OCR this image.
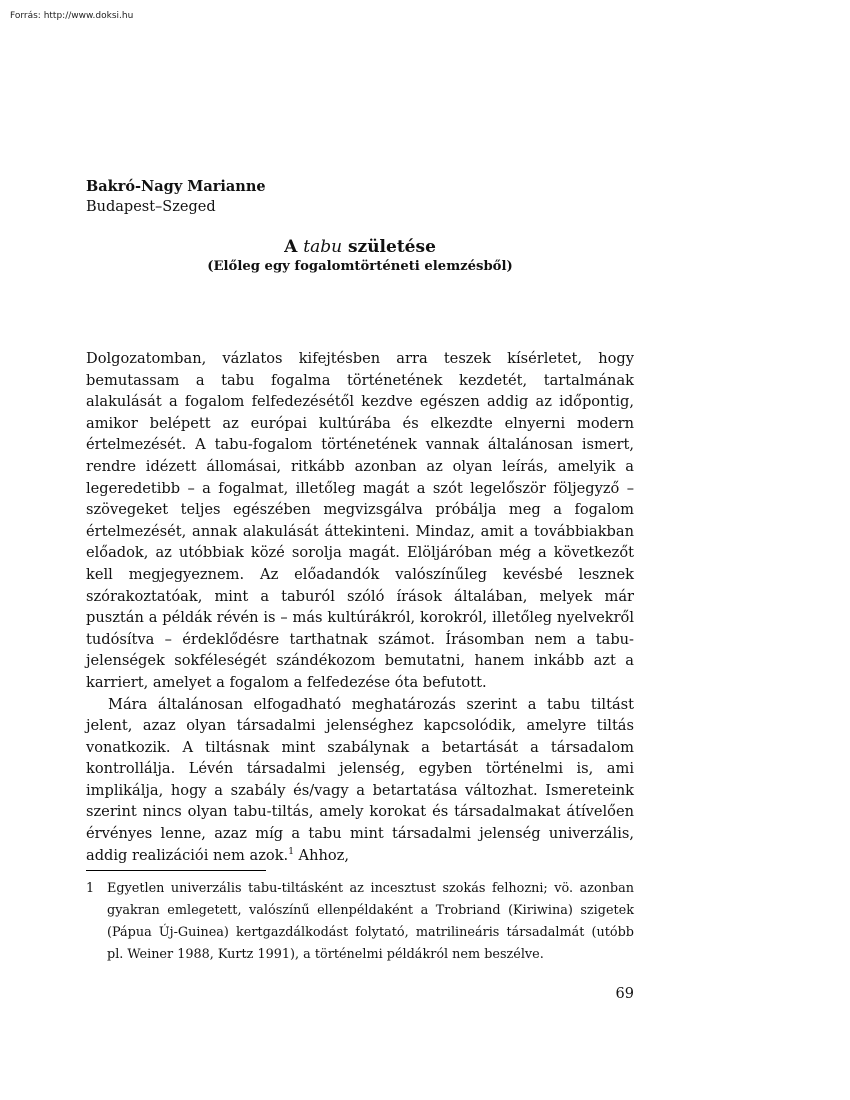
Forrás: http://www.doksi.hu
Bakró-Nagy Marianne
Budapest–Szeged
A tabu születése
(Előleg egy fogalomtörténeti elemzésből)

Dolgozatomban, vázlatos kifejtésben arra teszek kísérletet, hogy bemutassam a tabu fogalma történetének kezdetét, tartalmának alakulását a fogalom felfedezésétől kezdve egészen addig az időpontig, amikor belépett az európai kultúrába és elkezdte elnyerni modern értelmezését. A tabu-fogalom történetének vannak általánosan ismert, rendre idézett állomásai, ritkább azonban az olyan leírás, amelyik a legeredetibb – a fogalmat, illetőleg magát a szót legelőször följegyző – szövegeket teljes egészében megvizsgálva próbálja meg a fogalom értelmezését, annak alakulását áttekinteni. Mindaz, amit a továbbiakban előadok, az utóbbiak közé sorolja magát. Elöljáróban még a következőt kell megjegyeznem. Az előadandók valószínűleg kevésbé lesznek szórakoztatóak, mint a taburól szóló írások általában, melyek már pusztán a példák révén is – más kultúrákról, korokról, illetőleg nyelvekről tudósítva – érdeklődésre tarthatnak számot. Írásomban nem a tabu-jelenségek sokféleségét szándékozom bemutatni, hanem inkább azt a karriert, amelyet a fogalom a felfedezése óta befutott.

Mára általánosan elfogadható meghatározás szerint a tabu tiltást jelent, azaz olyan társadalmi jelenséghez kapcsolódik, amelyre tiltás vonatkozik. A tiltásnak mint szabálynak a betartását a társadalom kontrollálja. Lévén társadalmi jelenség, egyben történelmi is, ami implikálja, hogy a szabály és/vagy a betartatása változhat. Ismereteink szerint nincs olyan tabu-tiltás, amely korokat és társadalmakat átívelően érvényes lenne, azaz míg a tabu mint társadalmi jelenség univerzális, addig realizációi nem azok.$^1$ Ahhoz,

1 Egyetlen univerzális tabu-tiltásként az incesztust szokás felhozni; vö. azonban gyakran emlegetett, valószínű ellenpéldaként a Trobriand (Kiriwina) szigetek (Pápua Új-Guinea) kertgazdálkodást folytató, matrilineáris társadalmát (utóbb pl. Weiner 1988, Kurtz 1991), a történelmi példákról nem beszélve.
69
